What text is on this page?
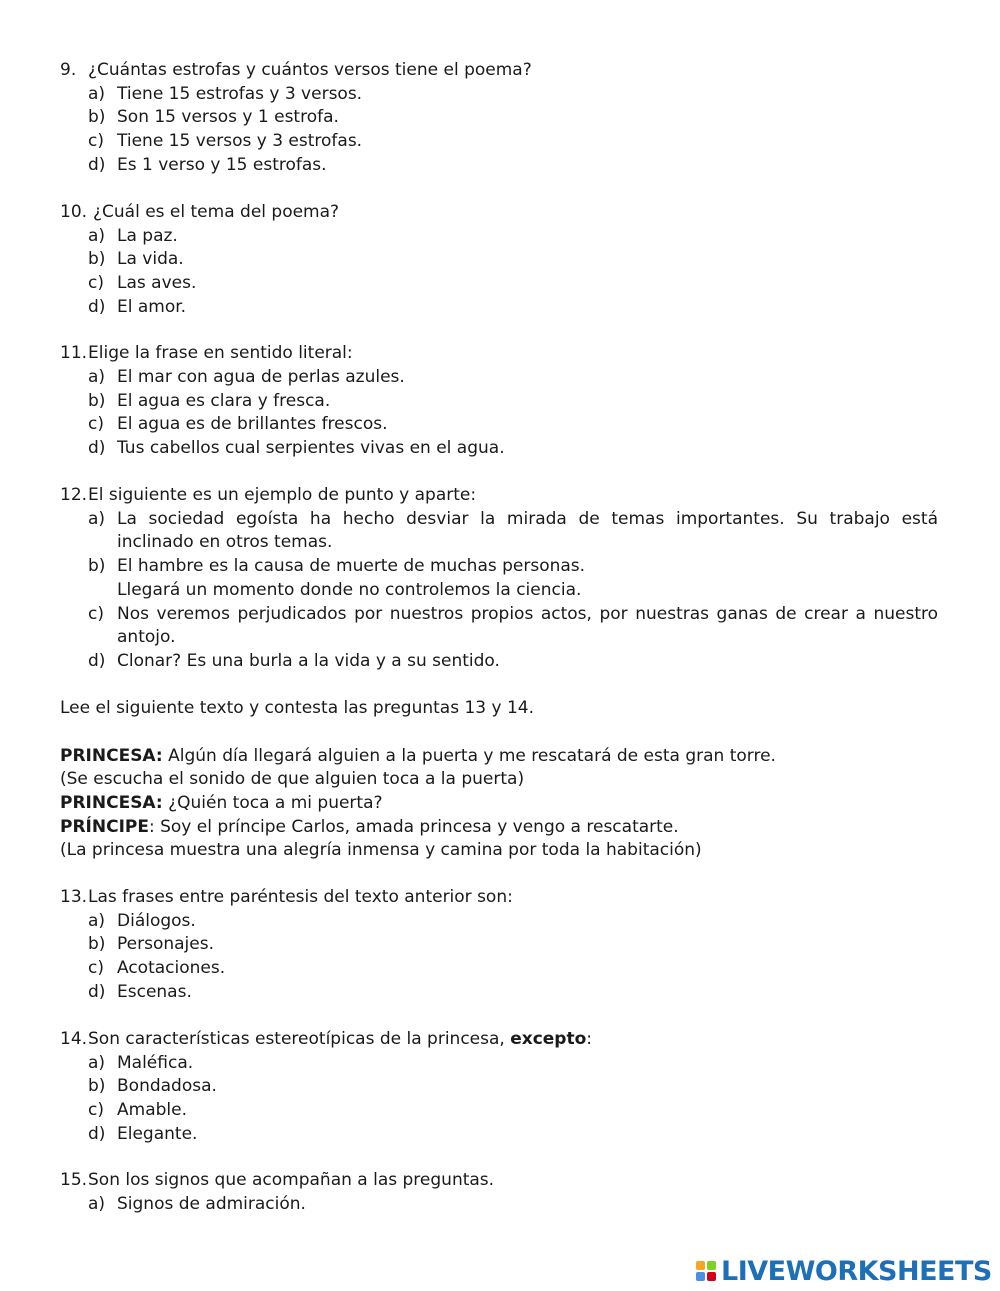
9. ¿Cuántas estrofas y cuántos versos tiene el poema?
a) Tiene 15 estrofas y 3 versos.
b) Son 15 versos y 1 estrofa.
c) Tiene 15 versos y 3 estrofas.
d) Es 1 verso y 15 estrofas.
10. ¿Cuál es el tema del poema?
a) La paz.
b) La vida.
c) Las aves.
d) El amor.
11. Elige la frase en sentido literal:
a) El mar con agua de perlas azules.
b) El agua es clara y fresca.
c) El agua es de brillantes frescos.
d) Tus cabellos cual serpientes vivas en el agua.
12. El siguiente es un ejemplo de punto y aparte:
a) La sociedad egoísta ha hecho desviar la mirada de temas importantes. Su trabajo está inclinado en otros temas.
b) El hambre es la causa de muerte de muchas personas.
Llegará un momento donde no controlemos la ciencia.
c) Nos veremos perjudicados por nuestros propios actos, por nuestras ganas de crear a nuestro antojo.
d) Clonar? Es una burla a la vida y a su sentido.
Lee el siguiente texto y contesta las preguntas 13 y 14.
PRINCESA: Algún día llegará alguien a la puerta y me rescatará de esta gran torre.
(Se escucha el sonido de que alguien toca a la puerta)
PRINCESA: ¿Quién toca a mi puerta?
PRÍNCIPE: Soy el príncipe Carlos, amada princesa y vengo a rescatarte.
(La princesa muestra una alegría inmensa y camina por toda la habitación)
13. Las frases entre paréntesis del texto anterior son:
a) Diálogos.
b) Personajes.
c) Acotaciones.
d) Escenas.
14. Son características estereotípicas de la princesa, excepto:
a) Maléfica.
b) Bondadosa.
c) Amable.
d) Elegante.
15. Son los signos que acompañan a las preguntas.
a) Signos de admiración.
LIVEWORKSHEETS
